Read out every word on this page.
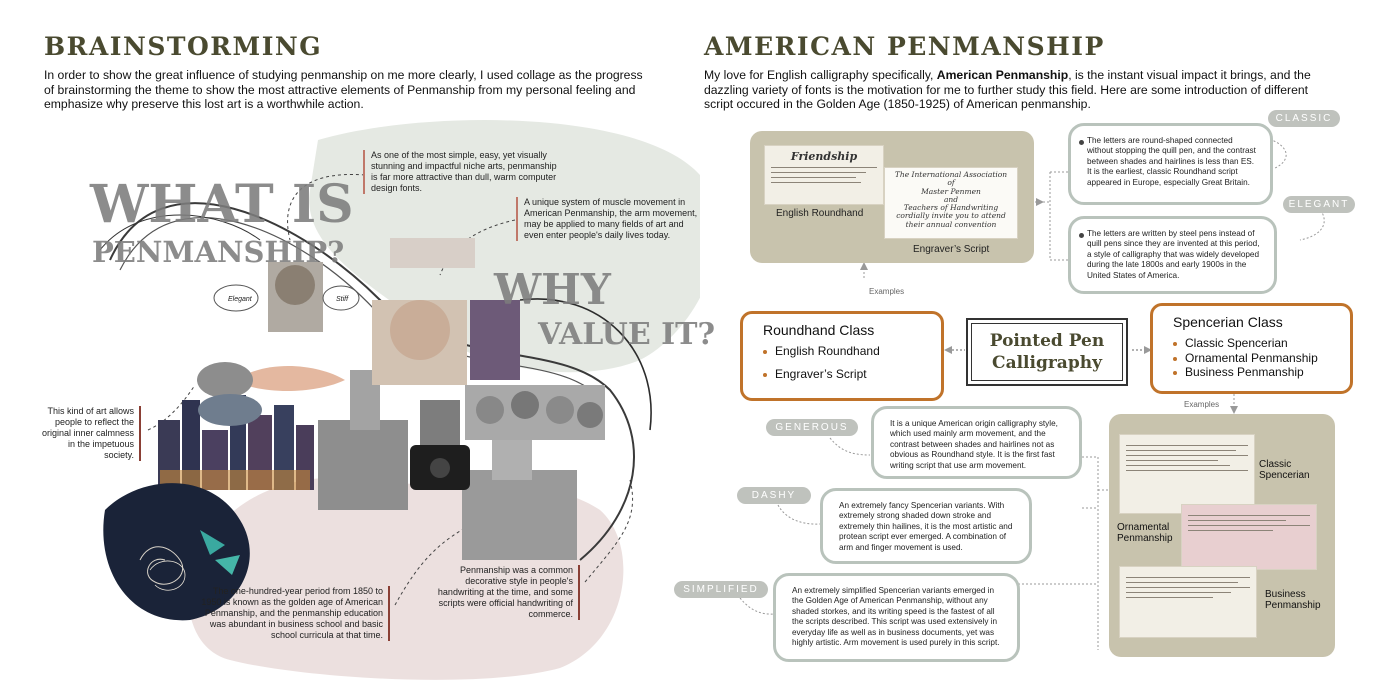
BRAINSTORMING
In order to show the great influence of studying penmanship on me more clearly, I used collage as the progress of brainstorming the theme to show the most attractive elements of Penmanship from my personal feeling and emphasize why preserve this lost art is a worthwhile action.
Elegant	Stiff
WHAT IS
PENMANSHIP?
WHY
VALUE IT?
As one of the most simple, easy, yet visually stunning and impactful niche arts, penmanship is far more attractive than dull, warm computer design fonts.
A unique system of muscle movement in American Penmanship, the arm movement, may be applied to many fields of art and even enter people's daily lives today.
This kind of art allows people to reflect the original inner calmness in the impetuous society.
Penmanship was a common decorative style in people's handwriting at the time, and some scripts were official handwriting of commerce.
The one-hundred-year period from 1850 to 1950 is known as the golden age of American Penmanship, and the penmanship education was abundant in business school and basic school curricula at that time.
AMERICAN PENMANSHIP
My love for English calligraphy specifically, American Penmanship, is the instant visual impact it brings, and the dazzling variety of fonts is the motivation for me to further study this field. Here are some introduction of different script occured in the Golden Age (1850-1925) of American penmanship.
Friendship
English Roundhand
The International Association
of
Master Penmen
and
Teachers of Handwriting
cordially invite you to attend
their annual convention
Engraver’s Script
Examples
CLASSIC
The letters are round-shaped connected without stopping the quill pen, and the contrast between shades and hairlines is less than ES. It is the earliest, classic Roundhand script appeared in Europe, especially Great Britain.
ELEGANT
The letters are written by steel pens instead of quill pens since they are invented at this period, a style of calligraphy that was widely developed during the late 1800s and early 1900s in the United States of America.
Roundhand Class
English Roundhand
Engraver’s Script
Pointed Pen
Calligraphy
Spencerian Class
Classic Spencerian
Ornamental Penmanship
Business Penmanship
Examples
GENEROUS	It is a unique American origin calligraphy style, which used mainly arm movement, and the contrast between shades and hairlines not as obvious as Roundhand style. It is the first fast writing script that use arm movement.
DASHY
An extremely fancy Spencerian variants. With extremely strong shaded down stroke and extremely thin hailines, it is the most artistic and protean script ever emerged. A combination of arm and finger movement is used.
SIMPLIFIED	An extremely simplified Spencerian variants emerged in the Golden Age of American Penmanship, without any shaded storkes, and its writing speed is the fastest of all the scripts described. This script was used extensively in everyday life as well as in business documents, yet was highly artistic. Arm movement is used purely in this script.
Classic Spencerian
Ornamental Penmanship
Business Penmanship
